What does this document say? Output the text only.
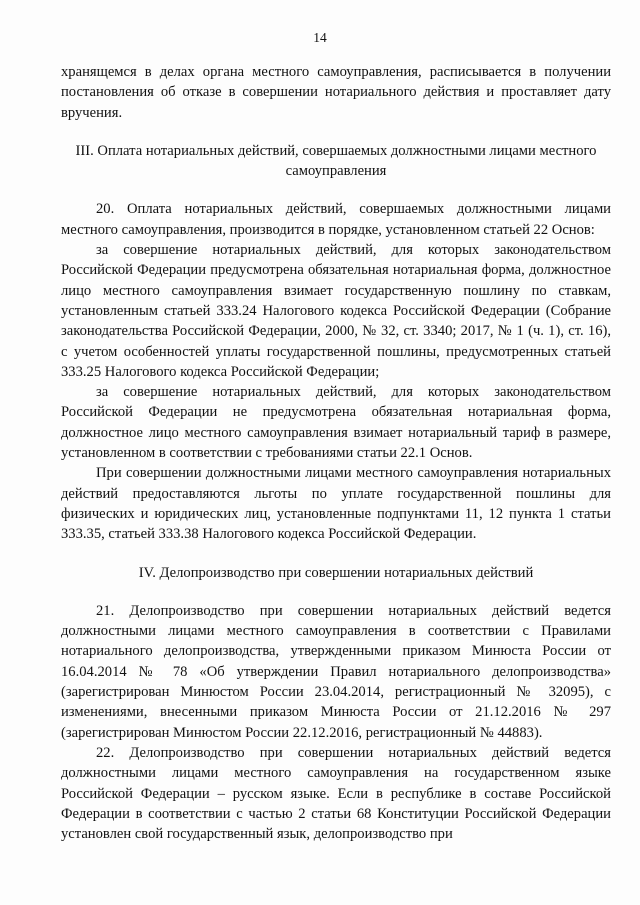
14

хранящемся в делах органа местного самоуправления, расписывается в получении постановления об отказе в совершении нотариального действия и проставляет дату вручения.

III. Оплата нотариальных действий, совершаемых должностными лицами местного самоуправления

20. Оплата нотариальных действий, совершаемых должностными лицами местного самоуправления, производится в порядке, установленном статьей 22 Основ:

за совершение нотариальных действий, для которых законодательством Российской Федерации предусмотрена обязательная нотариальная форма, должностное лицо местного самоуправления взимает государственную пошлину по ставкам, установленным статьей 333.24 Налогового кодекса Российской Федерации (Собрание законодательства Российской Федерации, 2000, № 32, ст. 3340; 2017, № 1 (ч. 1), ст. 16), с учетом особенностей уплаты государственной пошлины, предусмотренных статьей 333.25 Налогового кодекса Российской Федерации;

за совершение нотариальных действий, для которых законодательством Российской Федерации не предусмотрена обязательная нотариальная форма, должностное лицо местного самоуправления взимает нотариальный тариф в размере, установленном в соответствии с требованиями статьи 22.1 Основ.

При совершении должностными лицами местного самоуправления нотариальных действий предоставляются льготы по уплате государственной пошлины для физических и юридических лиц, установленные подпунктами 11, 12 пункта 1 статьи 333.35, статьей 333.38 Налогового кодекса Российской Федерации.

IV. Делопроизводство при совершении нотариальных действий

21. Делопроизводство при совершении нотариальных действий ведется должностными лицами местного самоуправления в соответствии с Правилами нотариального делопроизводства, утвержденными приказом Минюста России от 16.04.2014 № 78 «Об утверждении Правил нотариального делопроизводства» (зарегистрирован Минюстом России 23.04.2014, регистрационный № 32095), с изменениями, внесенными приказом Минюста России от 21.12.2016 № 297 (зарегистрирован Минюстом России 22.12.2016, регистрационный № 44883).

22. Делопроизводство при совершении нотариальных действий ведется должностными лицами местного самоуправления на государственном языке Российской Федерации – русском языке. Если в республике в составе Российской Федерации в соответствии с частью 2 статьи 68 Конституции Российской Федерации установлен свой государственный язык, делопроизводство при
